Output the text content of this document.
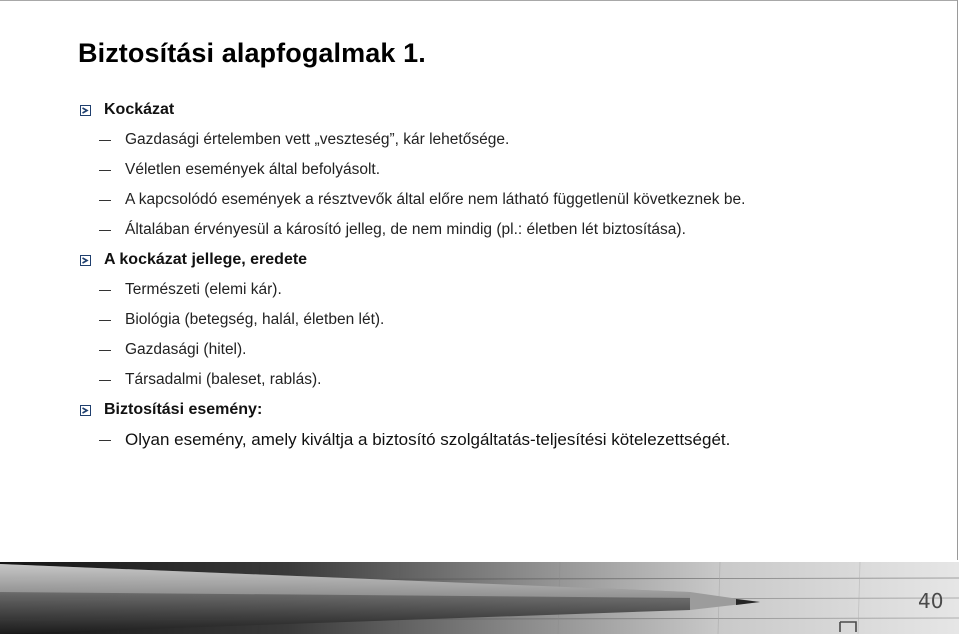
Biztosítási alapfogalmak 1.
Kockázat
Gazdasági értelemben vett „veszteség”, kár lehetősége.
Véletlen események által befolyásolt.
A kapcsolódó események a résztvevők által előre nem látható függetlenül következnek be.
Általában érvényesül a károsító jelleg, de nem mindig (pl.: életben lét biztosítása).
A kockázat jellege, eredete
Természeti (elemi kár).
Biológia (betegség, halál, életben lét).
Gazdasági (hitel).
Társadalmi (baleset, rablás).
Biztosítási esemény:
Olyan esemény, amely kiváltja a biztosító szolgáltatás-teljesítési kötelezettségét.
40
